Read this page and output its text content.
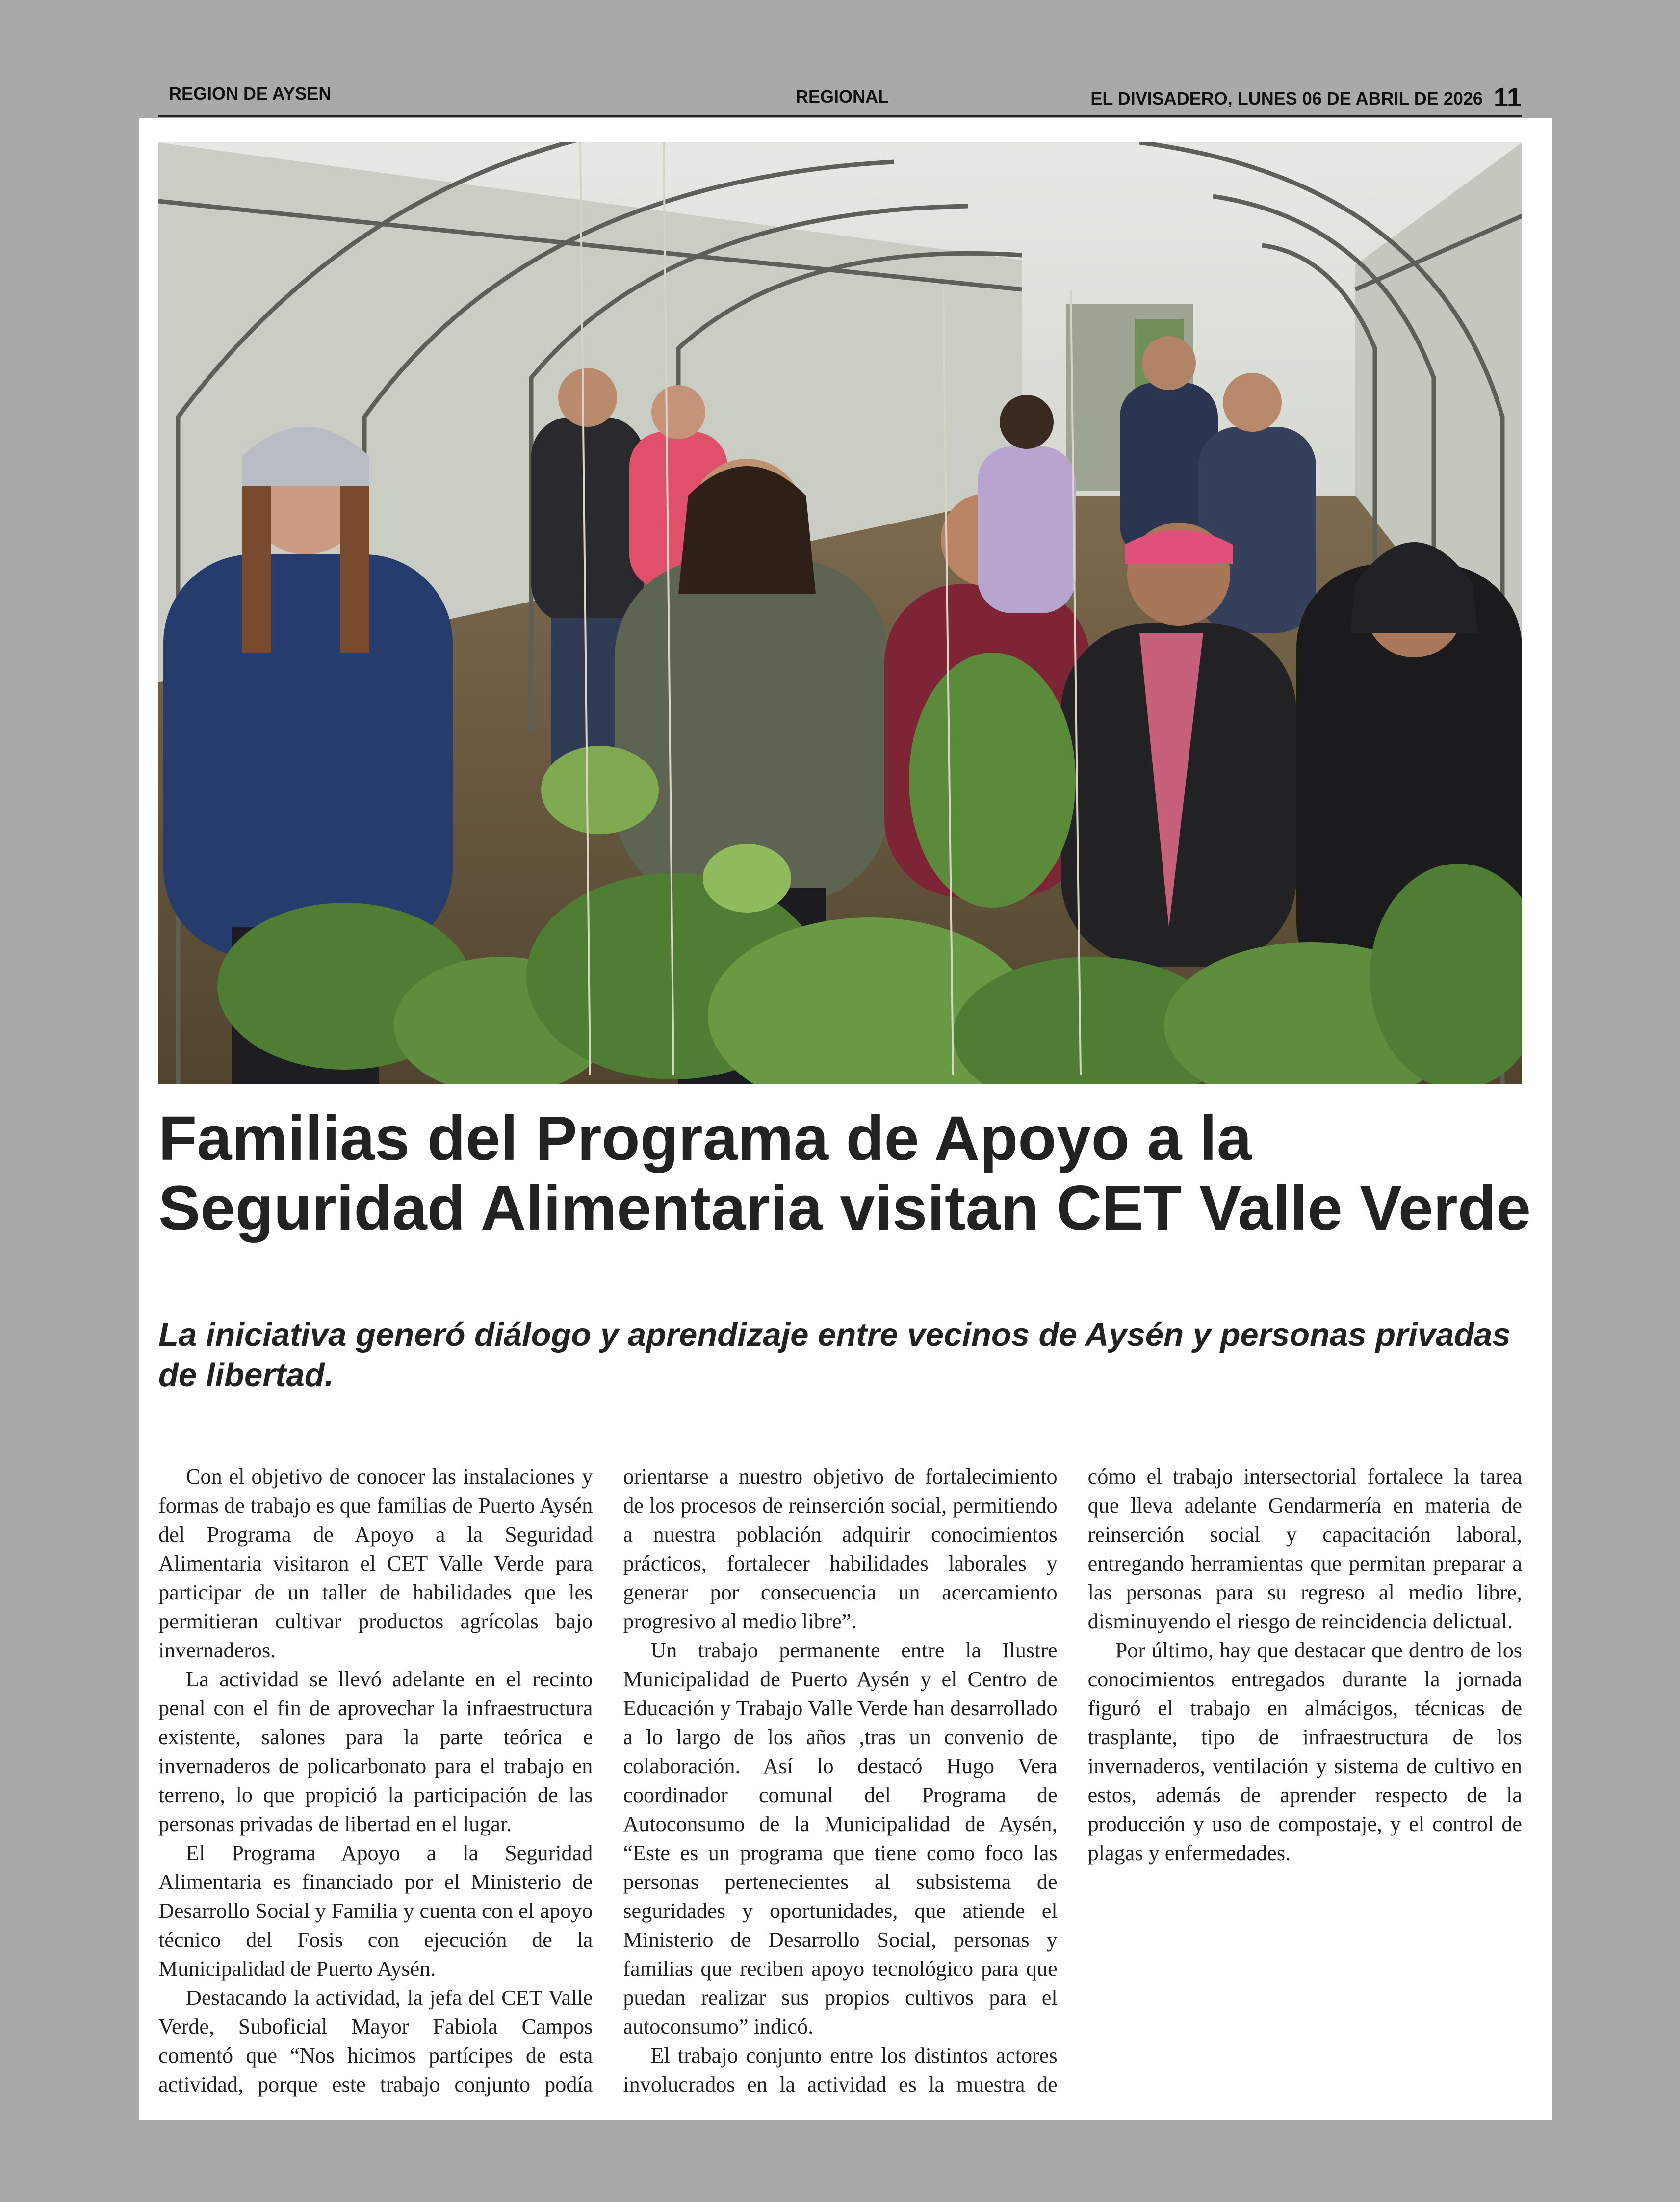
REGION DE AYSEN	REGIONAL	EL DIVISADERO, LUNES 06 DE ABRIL DE 2026 11
Familias del Programa de Apoyo a la Seguridad Alimentaria visitan CET Valle Verde
La iniciativa generó diálogo y aprendizaje entre vecinos de Aysén y personas privadas de libertad.

Con el objetivo de conocer las instalaciones y formas de trabajo es que familias de Puerto Aysén del Programa de Apoyo a la Seguridad Alimentaria visitaron el CET Valle Verde para participar de un taller de habilidades que les permitieran cultivar productos agrícolas bajo invernaderos.

La actividad se llevó adelante en el recinto penal con el fin de aprovechar la infraestructura existente, salones para la parte teórica e invernaderos de policarbonato para el trabajo en terreno, lo que propició la participación de las personas privadas de libertad en el lugar.

El Programa Apoyo a la Seguridad Alimentaria es financiado por el Ministerio de Desarrollo Social y Familia y cuenta con el apoyo técnico del Fosis con ejecución de la Municipalidad de Puerto Aysén.

Destacando la actividad, la jefa del CET Valle Verde, Suboficial Mayor Fabiola Campos comentó que “Nos hicimos partícipes de esta actividad, porque este trabajo conjunto podía orientarse a nuestro objetivo de fortalecimiento de los procesos de reinserción social, permitiendo a nuestra población adquirir conocimientos prácticos, fortalecer habilidades laborales y generar por consecuencia un acercamiento progresivo al medio libre”.

Un trabajo permanente entre la Ilustre Municipalidad de Puerto Aysén y el Centro de Educación y Trabajo Valle Verde han desarrollado a lo largo de los años ,tras un convenio de colaboración. Así lo destacó Hugo Vera coordinador comunal del Programa de Autoconsumo de la Municipalidad de Aysén, “Este es un programa que tiene como foco las personas pertenecientes al subsistema de seguridades y oportunidades, que atiende el Ministerio de Desarrollo Social, personas y familias que reciben apoyo tecnológico para que puedan realizar sus propios cultivos para el autoconsumo” indicó.

El trabajo conjunto entre los distintos actores involucrados en la actividad es la muestra de cómo el trabajo intersectorial fortalece la tarea que lleva adelante Gendarmería en materia de reinserción social y capacitación laboral, entregando herramientas que permitan preparar a las personas para su regreso al medio libre, disminuyendo el riesgo de reincidencia delictual.

Por último, hay que destacar que dentro de los conocimientos entregados durante la jornada figuró el trabajo en almácigos, técnicas de trasplante, tipo de infraestructura de los invernaderos, ventilación y sistema de cultivo en estos, además de aprender respecto de la producción y uso de compostaje, y el control de plagas y enfermedades.
